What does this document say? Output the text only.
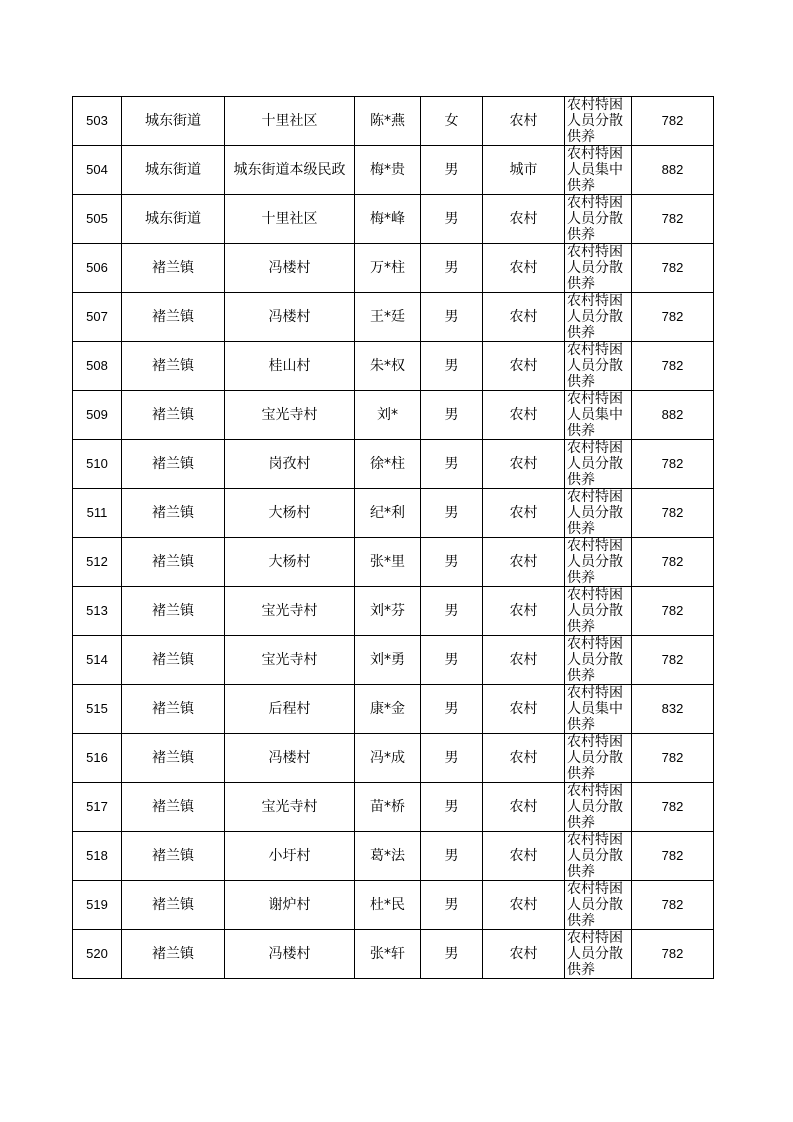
503	城东街道	十里社区	陈*燕	女	农村	农村特困人员分散供养	782
504	城东街道	城东街道本级民政	梅*贵	男	城市	农村特困人员集中供养	882
505	城东街道	十里社区	梅*峰	男	农村	农村特困人员分散供养	782
506	褚兰镇	冯楼村	万*柱	男	农村	农村特困人员分散供养	782
507	褚兰镇	冯楼村	王*廷	男	农村	农村特困人员分散供养	782
508	褚兰镇	桂山村	朱*权	男	农村	农村特困人员分散供养	782
509	褚兰镇	宝光寺村	刘*	男	农村	农村特困人员集中供养	882
510	褚兰镇	岗孜村	徐*柱	男	农村	农村特困人员分散供养	782
511	褚兰镇	大杨村	纪*利	男	农村	农村特困人员分散供养	782
512	褚兰镇	大杨村	张*里	男	农村	农村特困人员分散供养	782
513	褚兰镇	宝光寺村	刘*芬	男	农村	农村特困人员分散供养	782
514	褚兰镇	宝光寺村	刘*勇	男	农村	农村特困人员分散供养	782
515	褚兰镇	后程村	康*金	男	农村	农村特困人员集中供养	832
516	褚兰镇	冯楼村	冯*成	男	农村	农村特困人员分散供养	782
517	褚兰镇	宝光寺村	苗*桥	男	农村	农村特困人员分散供养	782
518	褚兰镇	小圩村	葛*法	男	农村	农村特困人员分散供养	782
519	褚兰镇	谢炉村	杜*民	男	农村	农村特困人员分散供养	782
520	褚兰镇	冯楼村	张*轩	男	农村	农村特困人员分散供养	782
